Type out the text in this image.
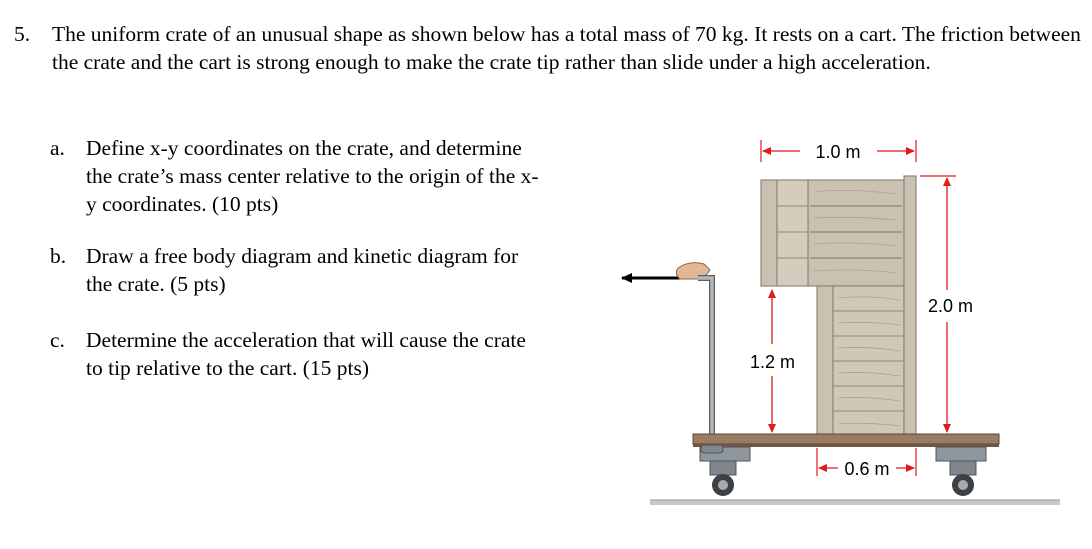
5. The uniform crate of an unusual shape as shown below has a total mass of 70 kg. It rests on a cart. The friction between the crate and the cart is strong enough to make the crate tip rather than slide under a high acceleration.
a. Define x-y coordinates on the crate, and determine
the crate’s mass center relative to the origin of the x-
y coordinates. (10 pts)
b. Draw a free body diagram and kinetic diagram for
the crate. (5 pts)
c. Determine the acceleration that will cause the crate
to tip relative to the cart. (15 pts)
1.0 m
2.0 m
1.2 m
0.6 m
